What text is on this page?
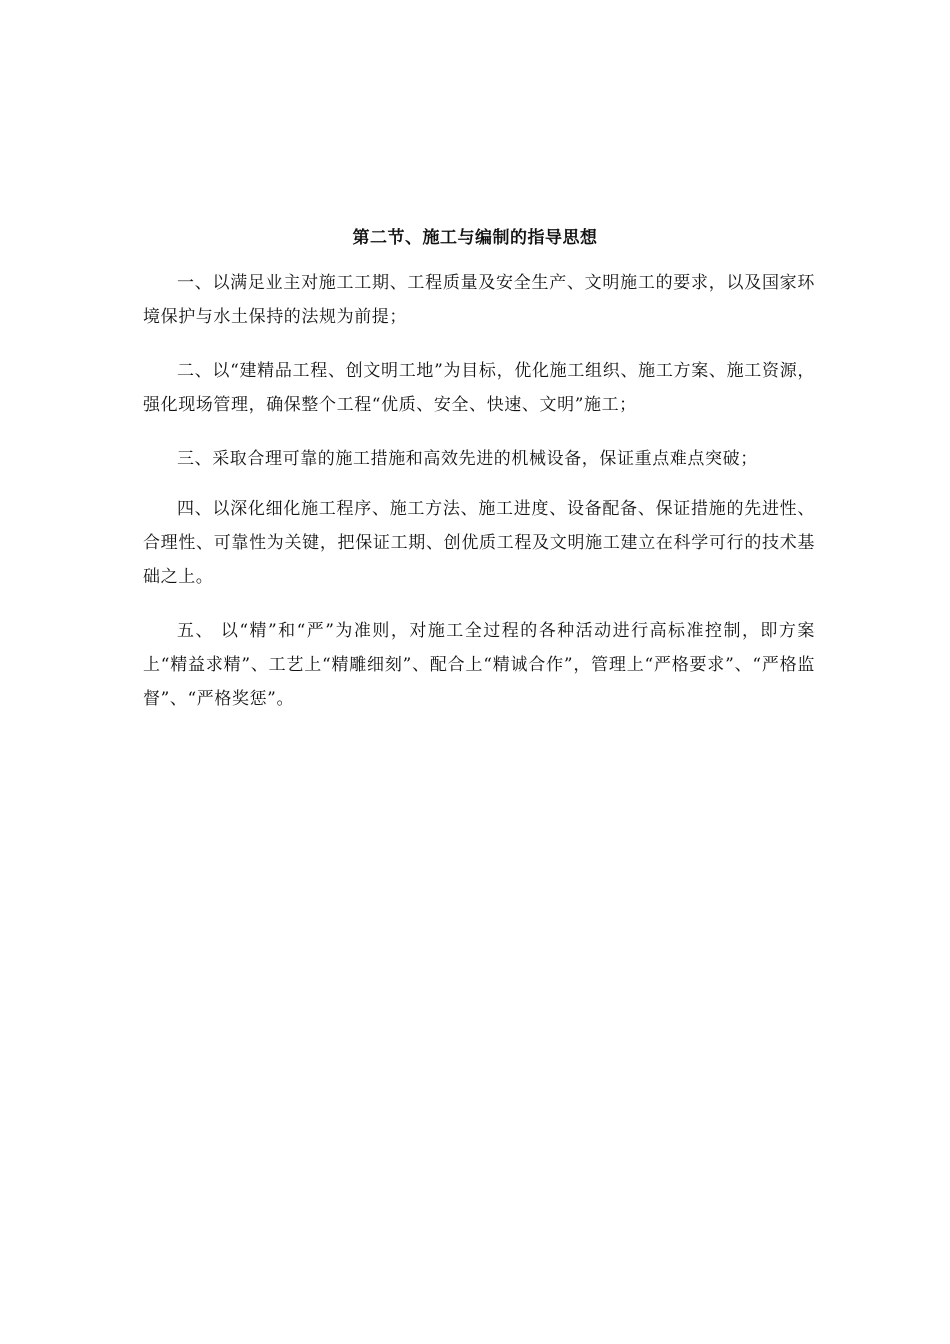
第二节、施工与编制的指导思想

一、以满足业主对施工工期、工程质量及安全生产、文明施工的要求，以及国家环境保护与水土保持的法规为前提；

二、以“建精品工程、创文明工地”为目标，优化施工组织、施工方案、施工资源，强化现场管理，确保整个工程“优质、安全、快速、文明”施工；

三、采取合理可靠的施工措施和高效先进的机械设备，保证重点难点突破；

四、以深化细化施工程序、施工方法、施工进度、设备配备、保证措施的先进性、合理性、可靠性为关键，把保证工期、创优质工程及文明施工建立在科学可行的技术基础之上。

五、 以“精”和“严”为准则，对施工全过程的各种活动进行高标准控制，即方案上“精益求精”、工艺上“精雕细刻”、配合上“精诚合作”，管理上“严格要求”、“严格监督”、“严格奖惩”。
